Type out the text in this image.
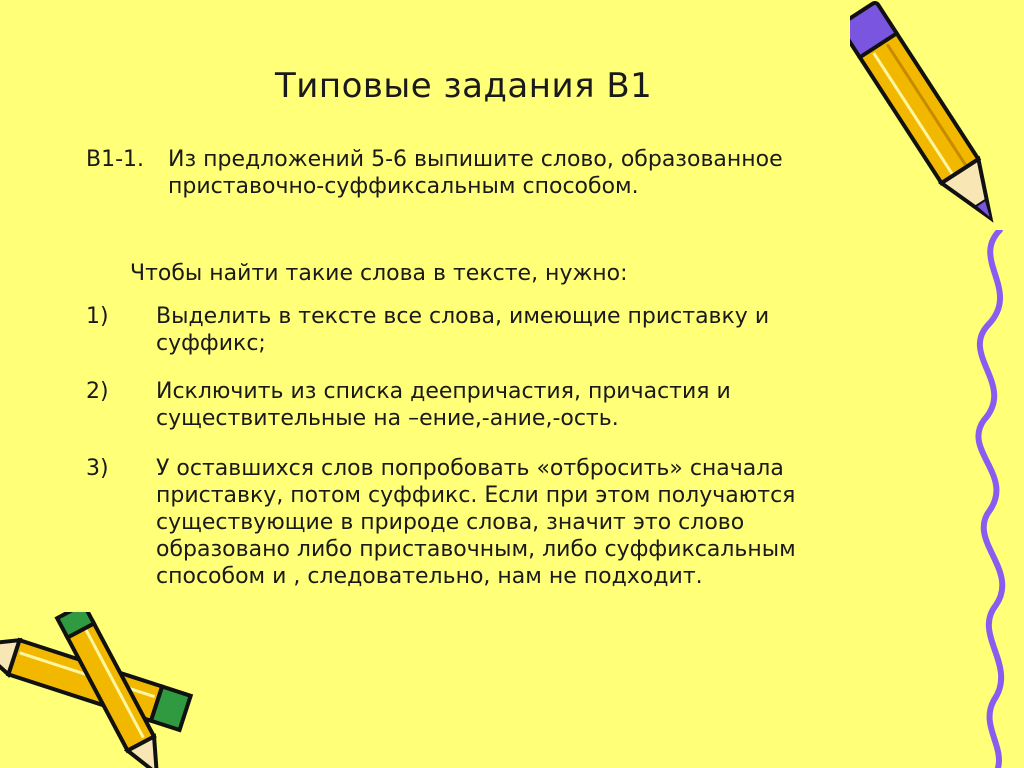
Типовые задания В1
В1-1. Из предложений 5-6 выпишите слово, образованное
приставочно-суффиксальным способом.
Чтобы найти такие слова в тексте, нужно:
1) Выделить в тексте все слова, имеющие приставку и
суффикс;
2) Исключить из списка деепричастия, причастия и
существительные на –ение,-ание,-ость.
3) У оставшихся слов попробовать «отбросить» сначала
приставку, потом суффикс. Если при этом получаются
существующие в природе слова, значит это слово
образовано либо приставочным, либо суффиксальным
способом и , следовательно, нам не подходит.
